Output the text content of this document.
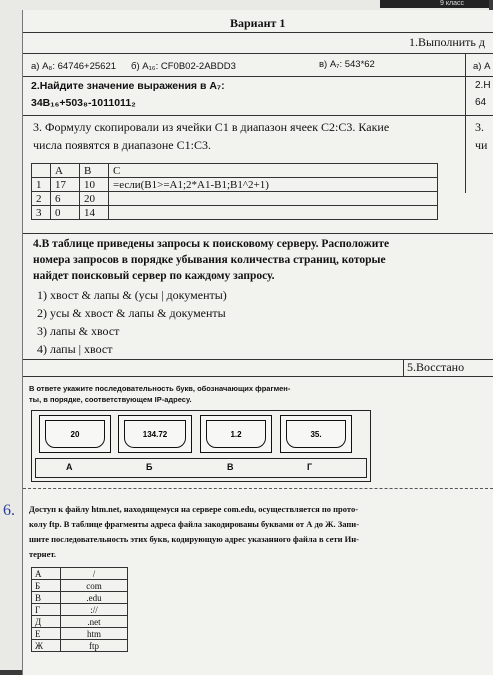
9 класс
Вариант 1
1.Выполнить д
а) A₈: 64746+25621 б) A₁₆: CF0B02-2ABDD3	в) A₇: 543*62	а) A
2.Найдите значение выражения в A₇:
34B₁₆+503₈-1011011₂
2.Н
64
3. Формулу скопировали из ячейки C1 в диапазон ячеек C2:C3. Какие
числа появятся в диапазоне C1:C3.
3.
чи
	A	B	C
1	17	10	=если(B1>=A1;2*A1-B1;B1^2+1)
2	6	20	
3	0	14	
4.В таблице приведены запросы к поисковому серверу. Расположите
номера запросов в порядке убывания количества страниц, которые
найдет поисковый сервер по каждому запросу.
1) хвост & лапы & (усы | документы)
2) усы & хвост & лапы & документы
3) лапы & хвост
4) лапы | хвост
5.Восстано
В ответе укажите последовательность букв, обозначающих фрагмен-
ты, в порядке, соответствующем IP-адресу.
20	134.72	1.2	35.
А	Б	В	Г
6. Доступ к файлу htm.net, находящемуся на сервере com.edu, осуществляется по прото-
колу ftp. В таблице фрагменты адреса файла закодированы буквами от А до Ж. Запи-
шите последовательность этих букв, кодирующую адрес указанного файла в сети Ин-
тернет.
А	/
Б	com
В	.edu
Г	://
Д	.net
Е	htm
Ж	ftp
